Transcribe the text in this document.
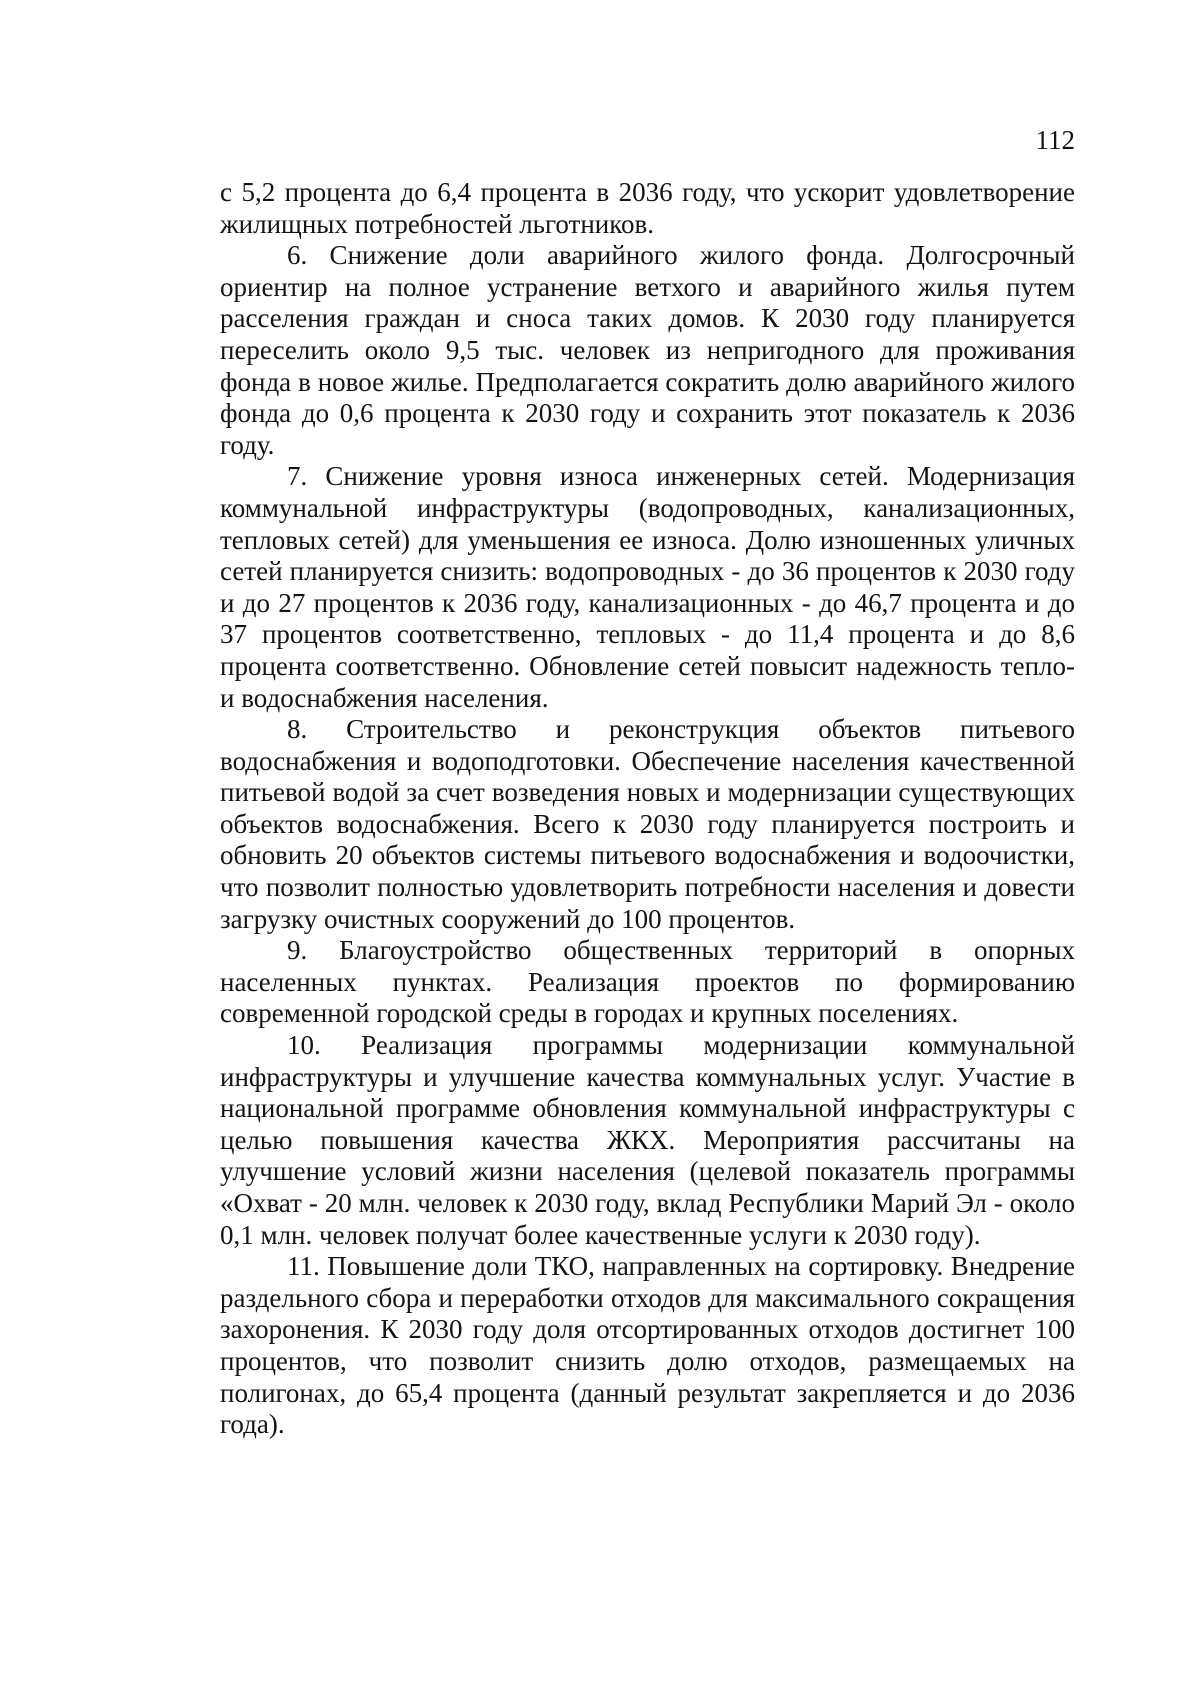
112

с 5,2 процента до 6,4 процента в 2036 году, что ускорит удовлетворение жилищных потребностей льготников.

6. Снижение доли аварийного жилого фонда. Долгосрочный ориентир на полное устранение ветхого и аварийного жилья путем расселения граждан и сноса таких домов. К 2030 году планируется переселить около 9,5 тыс. человек из непригодного для проживания фонда в новое жилье. Предполагается сократить долю аварийного жилого фонда до 0,6 процента к 2030 году и сохранить этот показатель к 2036 году.

7. Снижение уровня износа инженерных сетей. Модернизация коммунальной инфраструктуры (водопроводных, канализационных, тепловых сетей) для уменьшения ее износа. Долю изношенных уличных сетей планируется снизить: водопроводных - до 36 процентов к 2030 году и до 27 процентов к 2036 году, канализационных - до 46,7 процента и до 37 процентов соответственно, тепловых - до 11,4 процента и до 8,6 процента соответственно. Обновление сетей повысит надежность тепло- и водоснабжения населения.

8. Строительство и реконструкция объектов питьевого водоснабжения и водоподготовки. Обеспечение населения качественной питьевой водой за счет возведения новых и модернизации существующих объектов водоснабжения. Всего к 2030 году планируется построить и обновить 20 объектов системы питьевого водоснабжения и водоочистки, что позволит полностью удовлетворить потребности населения и довести загрузку очистных сооружений до 100 процентов.

9. Благоустройство общественных территорий в опорных населенных пунктах. Реализация проектов по формированию современной городской среды в городах и крупных поселениях.

10. Реализация программы модернизации коммунальной инфраструктуры и улучшение качества коммунальных услуг. Участие в национальной программе обновления коммунальной инфраструктуры с целью повышения качества ЖКХ. Мероприятия рассчитаны на улучшение условий жизни населения (целевой показатель программы «Охват - 20 млн. человек к 2030 году, вклад Республики Марий Эл - около 0,1 млн. человек получат более качественные услуги к 2030 году).

11. Повышение доли ТКО, направленных на сортировку. Внедрение раздельного сбора и переработки отходов для максимального сокращения захоронения. К 2030 году доля отсортированных отходов достигнет 100 процентов, что позволит снизить долю отходов, размещаемых на полигонах, до 65,4 процента (данный результат закрепляется и до 2036 года).
